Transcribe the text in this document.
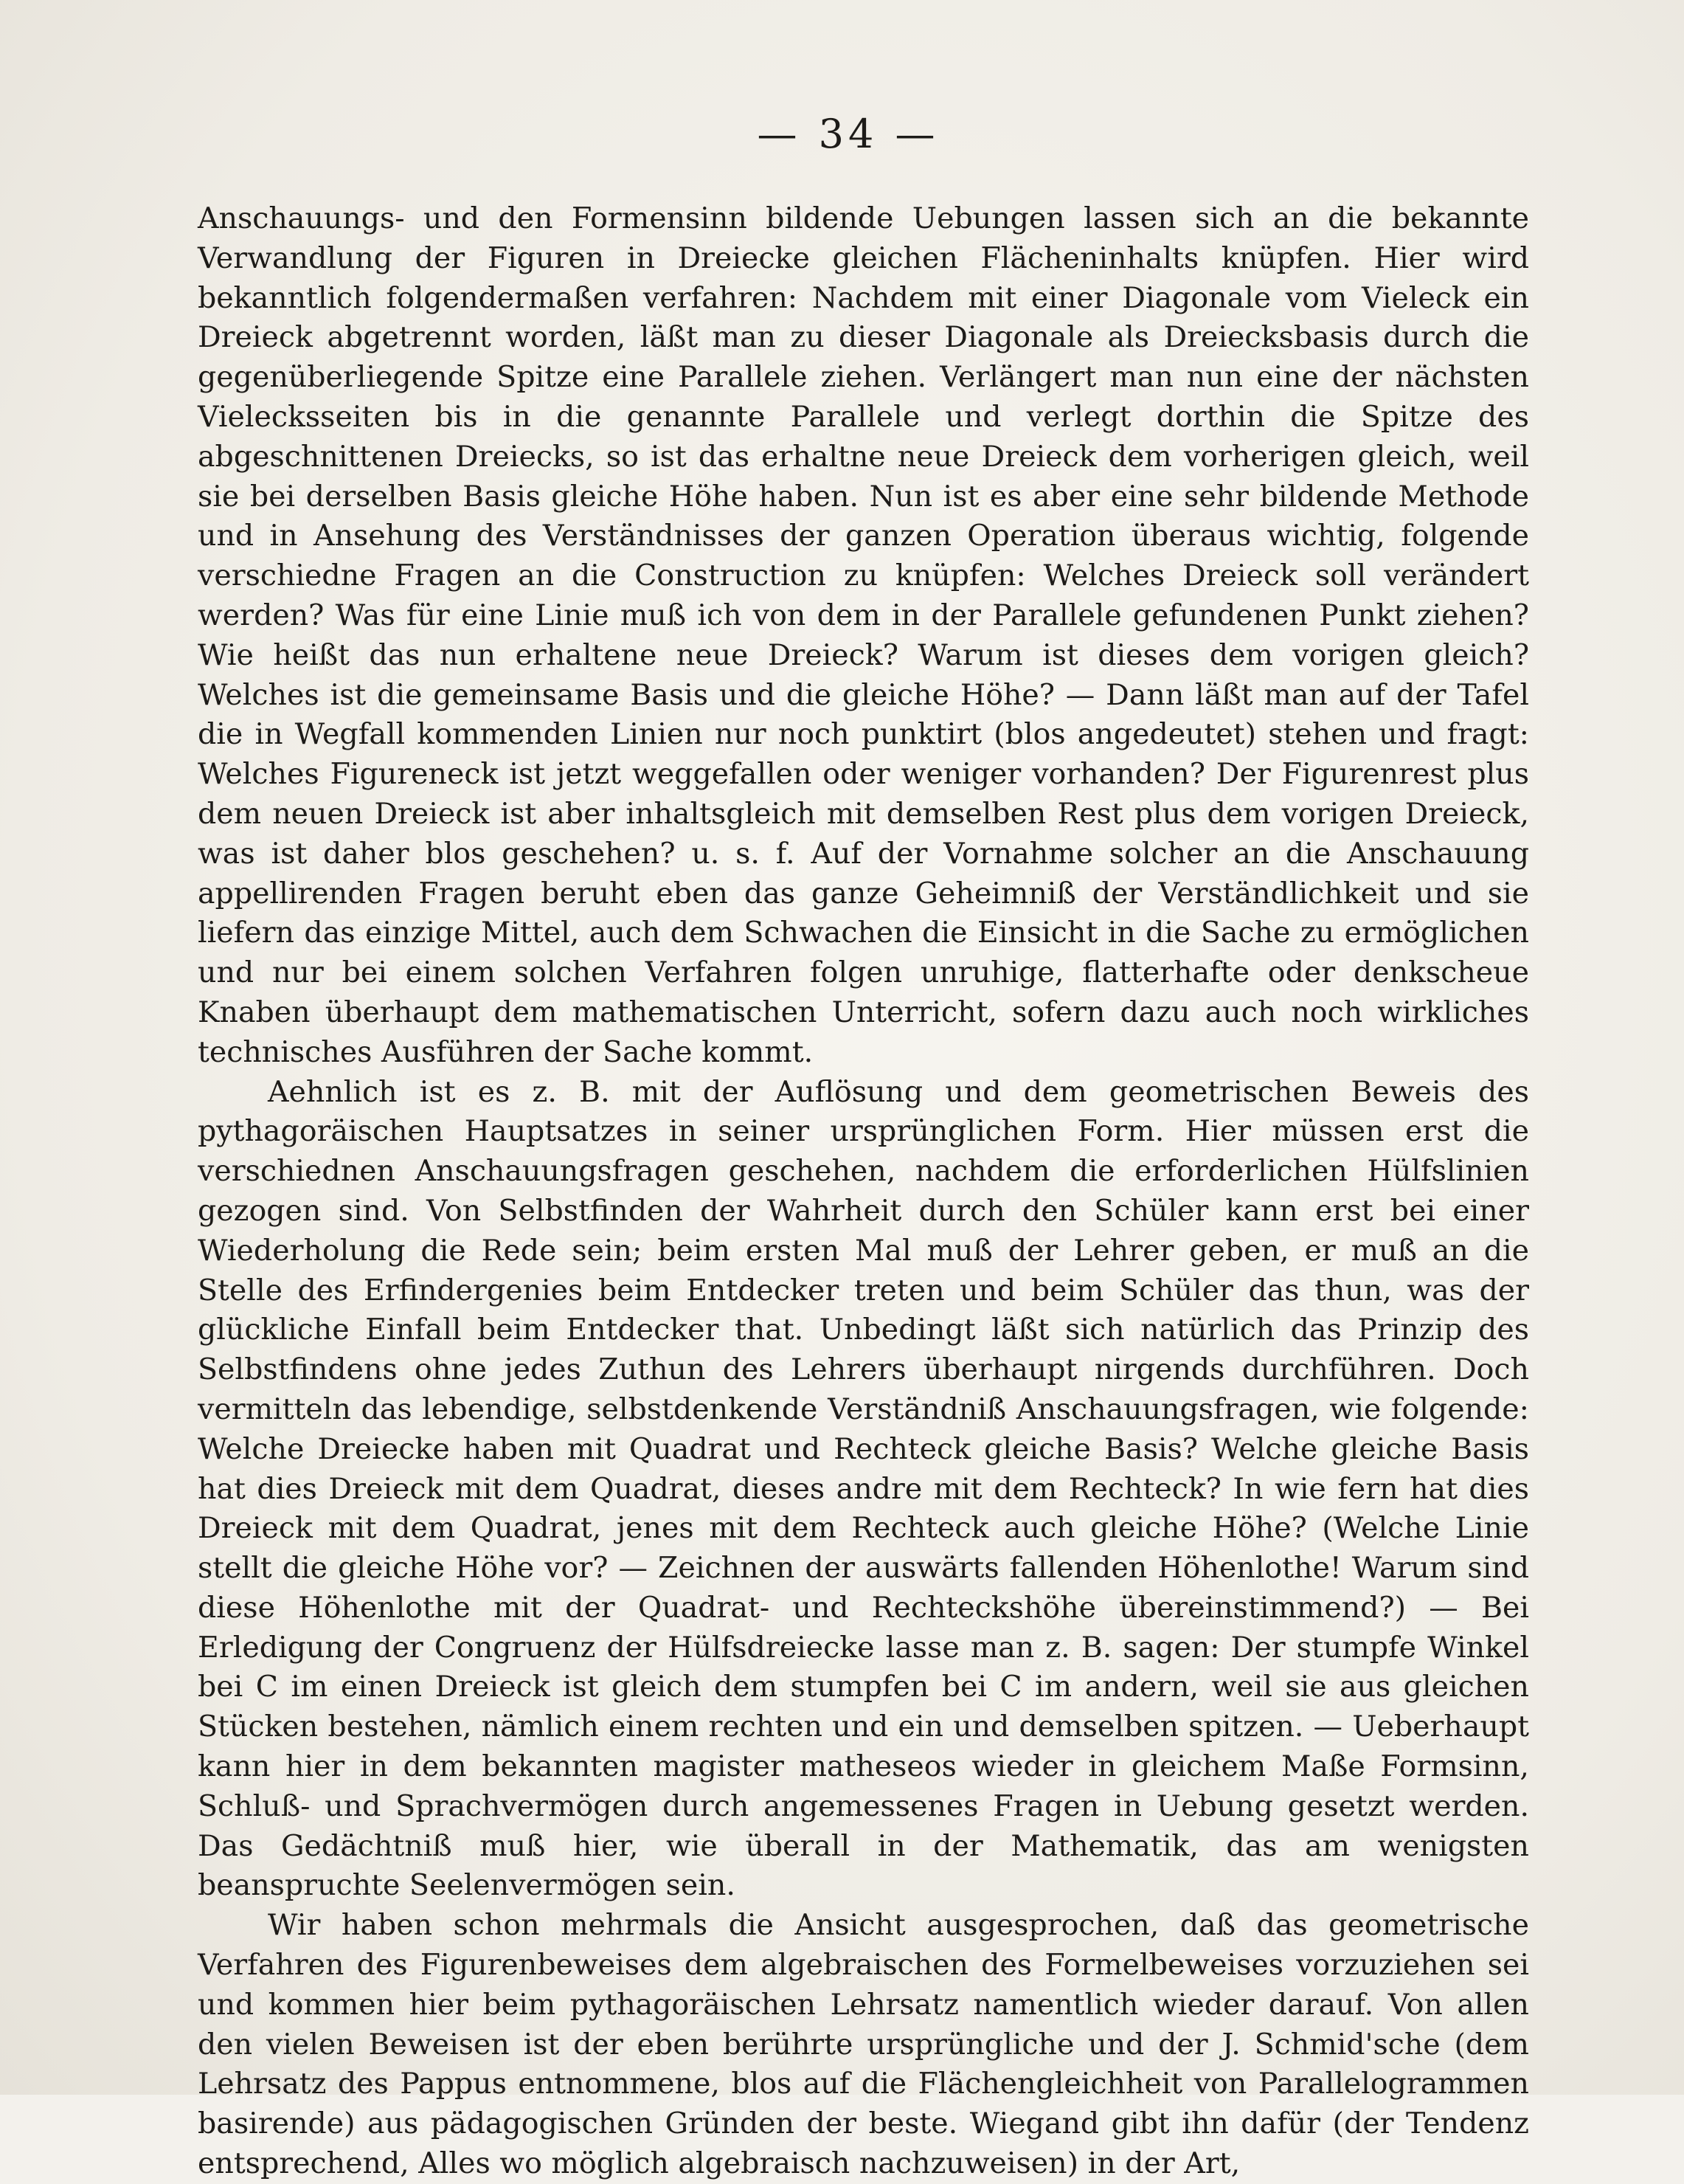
— 34 —

Anschauungs- und den Formensinn bildende Uebungen lassen sich an die bekannte Verwandlung der Figuren in Dreiecke gleichen Flächeninhalts knüpfen. Hier wird bekanntlich folgendermaßen verfahren: Nachdem mit einer Diagonale vom Vieleck ein Dreieck abgetrennt worden, läßt man zu dieser Diagonale als Dreiecksbasis durch die gegenüberliegende Spitze eine Parallele ziehen. Verlängert man nun eine der nächsten Vielecksseiten bis in die genannte Parallele und verlegt dorthin die Spitze des abgeschnittenen Dreiecks, so ist das erhaltne neue Dreieck dem vorherigen gleich, weil sie bei derselben Basis gleiche Höhe haben. Nun ist es aber eine sehr bildende Methode und in Ansehung des Verständnisses der ganzen Operation überaus wichtig, folgende verschiedne Fragen an die Construction zu knüpfen: Welches Dreieck soll verändert werden? Was für eine Linie muß ich von dem in der Parallele gefundenen Punkt ziehen? Wie heißt das nun erhaltene neue Dreieck? Warum ist dieses dem vorigen gleich? Welches ist die gemeinsame Basis und die gleiche Höhe? — Dann läßt man auf der Tafel die in Wegfall kommenden Linien nur noch punktirt (blos angedeutet) stehen und fragt: Welches Figureneck ist jetzt weggefallen oder weniger vorhanden? Der Figurenrest plus dem neuen Dreieck ist aber inhaltsgleich mit demselben Rest plus dem vorigen Dreieck, was ist daher blos geschehen? u. s. f. Auf der Vornahme solcher an die Anschauung appellirenden Fragen beruht eben das ganze Geheimniß der Verständlichkeit und sie liefern das einzige Mittel, auch dem Schwachen die Einsicht in die Sache zu ermöglichen und nur bei einem solchen Verfahren folgen unruhige, flatterhafte oder denkscheue Knaben überhaupt dem mathematischen Unterricht, sofern dazu auch noch wirkliches technisches Ausführen der Sache kommt.

Aehnlich ist es z. B. mit der Auflösung und dem geometrischen Beweis des pythagoräischen Hauptsatzes in seiner ursprünglichen Form. Hier müssen erst die verschiednen Anschauungsfragen geschehen, nachdem die erforderlichen Hülfslinien gezogen sind. Von Selbstfinden der Wahrheit durch den Schüler kann erst bei einer Wiederholung die Rede sein; beim ersten Mal muß der Lehrer geben, er muß an die Stelle des Erfindergenies beim Entdecker treten und beim Schüler das thun, was der glückliche Einfall beim Entdecker that. Unbedingt läßt sich natürlich das Prinzip des Selbstfindens ohne jedes Zuthun des Lehrers überhaupt nirgends durchführen. Doch vermitteln das lebendige, selbstdenkende Verständniß Anschauungsfragen, wie folgende: Welche Dreiecke haben mit Quadrat und Rechteck gleiche Basis? Welche gleiche Basis hat dies Dreieck mit dem Quadrat, dieses andre mit dem Rechteck? In wie fern hat dies Dreieck mit dem Quadrat, jenes mit dem Rechteck auch gleiche Höhe? (Welche Linie stellt die gleiche Höhe vor? — Zeichnen der auswärts fallenden Höhenlothe! Warum sind diese Höhenlothe mit der Quadrat- und Rechteckshöhe übereinstimmend?) — Bei Erledigung der Congruenz der Hülfsdreiecke lasse man z. B. sagen: Der stumpfe Winkel bei C im einen Dreieck ist gleich dem stumpfen bei C im andern, weil sie aus gleichen Stücken bestehen, nämlich einem rechten und ein und demselben spitzen. — Ueberhaupt kann hier in dem bekannten magister matheseos wieder in gleichem Maße Formsinn, Schluß- und Sprachvermögen durch angemessenes Fragen in Uebung gesetzt werden. Das Gedächtniß muß hier, wie überall in der Mathematik, das am wenigsten beanspruchte Seelenvermögen sein.

Wir haben schon mehrmals die Ansicht ausgesprochen, daß das geometrische Verfahren des Figurenbeweises dem algebraischen des Formelbeweises vorzuziehen sei und kommen hier beim pythagoräischen Lehrsatz namentlich wieder darauf. Von allen den vielen Beweisen ist der eben berührte ursprüngliche und der J. Schmid'sche (dem Lehrsatz des Pappus entnommene, blos auf die Flächengleichheit von Parallelogrammen basirende) aus pädagogischen Gründen der beste. Wiegand gibt ihn dafür (der Tendenz entsprechend, Alles wo möglich algebraisch nachzuweisen) in der Art,
